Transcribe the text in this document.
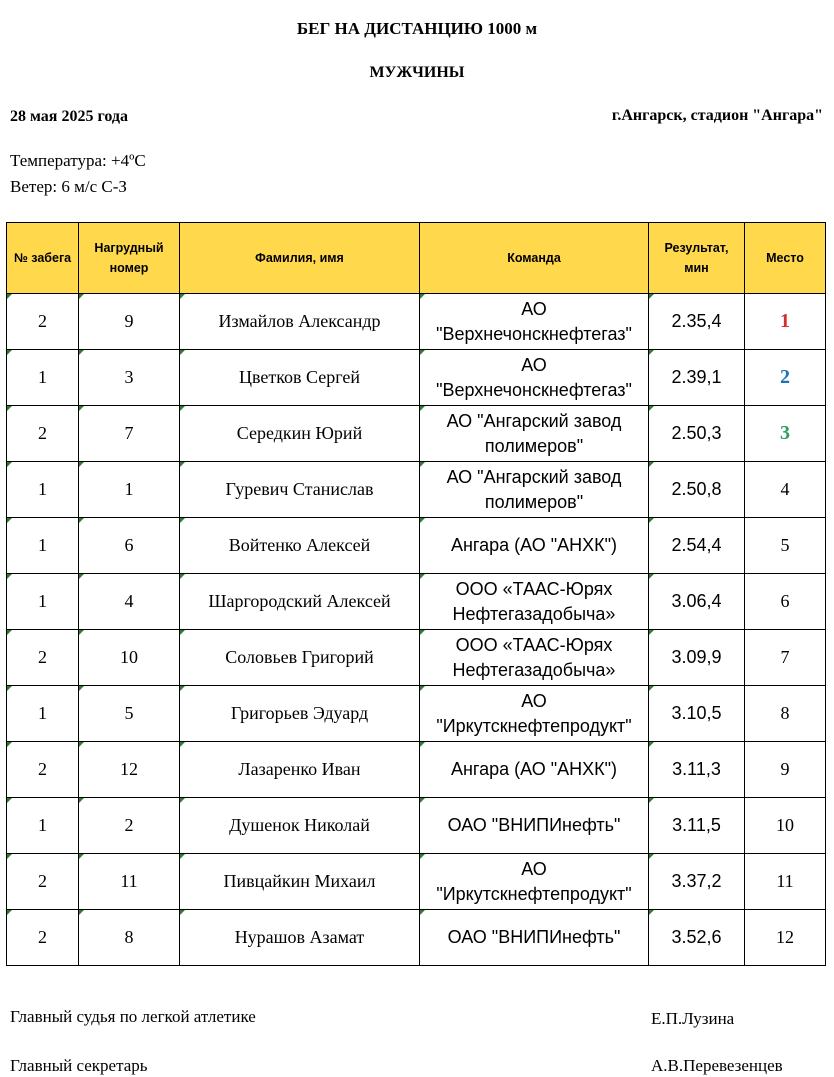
БЕГ НА ДИСТАНЦИЮ 1000 м
МУЖЧИНЫ
28 мая 2025 года	г.Ангарск, стадион "Ангара"
Температура: +4ºC
Ветер: 6 м/с С-З
№ забега	Нагрудный номер	Фамилия, имя	Команда	Результат, мин	Место
2	9	Измайлов Александр	АО "Верхнечонскнефтегаз"	2.35,4	1
1	3	Цветков Сергей	АО "Верхнечонскнефтегаз"	2.39,1	2
2	7	Середкин Юрий	АО "Ангарский завод полимеров"	2.50,3	3
1	1	Гуревич Станислав	АО "Ангарский завод полимеров"	2.50,8	4
1	6	Войтенко Алексей	Ангара (АО "АНХК")	2.54,4	5
1	4	Шаргородский Алексей	ООО «ТААС-Юрях Нефтегазадобыча»	3.06,4	6
2	10	Соловьев Григорий	ООО «ТААС-Юрях Нефтегазадобыча»	3.09,9	7
1	5	Григорьев Эдуард	АО "Иркутскнефтепродукт"	3.10,5	8
2	12	Лазаренко Иван	Ангара (АО "АНХК")	3.11,3	9
1	2	Душенок Николай	ОАО "ВНИПИнефть"	3.11,5	10
2	11	Пивцайкин Михаил	АО "Иркутскнефтепродукт"	3.37,2	11
2	8	Нурашов Азамат	ОАО "ВНИПИнефть"	3.52,6	12
Главный судья по легкой атлетике	Е.П.Лузина
Главный секретарь	А.В.Перевезенцев
